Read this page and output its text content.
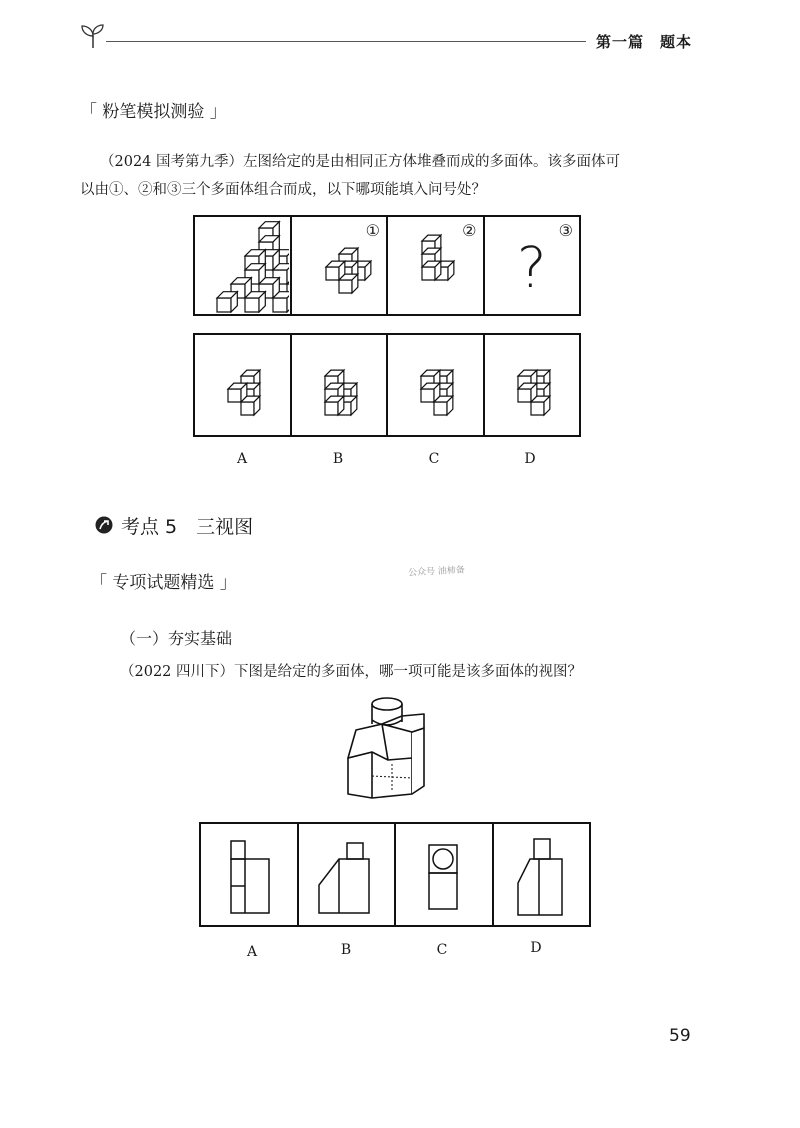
第一篇　题本
「 粉笔模拟测验 」
（2024 国考第九季）左图给定的是由相同正方体堆叠而成的多面体。该多面体可
以由①、②和③三个多面体组合而成，以下哪项能填入问号处？
①	②	③
?
A	B	C	D
考点 5　三视图
「 专项试题精选 」
公众号 油柿备
（一）夯实基础
（2022 四川下）下图是给定的多面体，哪一项可能是该多面体的视图？
A	B	C	D
59
